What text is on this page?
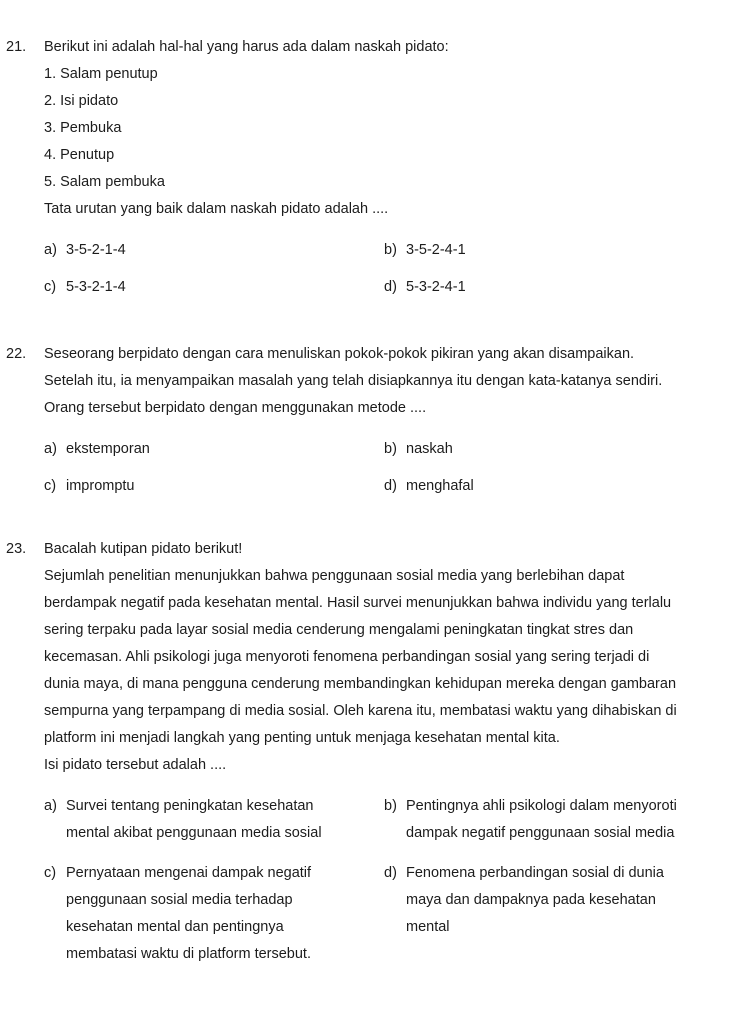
21. Berikut ini adalah hal-hal yang harus ada dalam naskah pidato:
1. Salam penutup
2. Isi pidato
3. Pembuka
4. Penutup
5. Salam pembuka
Tata urutan yang baik dalam naskah pidato adalah ....
a) 3-5-2-1-4	b) 3-5-2-4-1
c) 5-3-2-1-4	d) 5-3-2-4-1
22. Seseorang berpidato dengan cara menuliskan pokok-pokok pikiran yang akan disampaikan.
Setelah itu, ia menyampaikan masalah yang telah disiapkannya itu dengan kata-katanya sendiri.
Orang tersebut berpidato dengan menggunakan metode ....
a) ekstemporan	b) naskah
c) impromptu	d) menghafal
23. Bacalah kutipan pidato berikut!
Sejumlah penelitian menunjukkan bahwa penggunaan sosial media yang berlebihan dapat
berdampak negatif pada kesehatan mental. Hasil survei menunjukkan bahwa individu yang terlalu
sering terpaku pada layar sosial media cenderung mengalami peningkatan tingkat stres dan
kecemasan. Ahli psikologi juga menyoroti fenomena perbandingan sosial yang sering terjadi di
dunia maya, di mana pengguna cenderung membandingkan kehidupan mereka dengan gambaran
sempurna yang terpampang di media sosial. Oleh karena itu, membatasi waktu yang dihabiskan di
platform ini menjadi langkah yang penting untuk menjaga kesehatan mental kita.
Isi pidato tersebut adalah ....
a) Survei tentang peningkatan kesehatan
mental akibat penggunaan media sosial
b) Pentingnya ahli psikologi dalam menyoroti
dampak negatif penggunaan sosial media
c) Pernyataan mengenai dampak negatif
penggunaan sosial media terhadap
kesehatan mental dan pentingnya
membatasi waktu di platform tersebut.
d) Fenomena perbandingan sosial di dunia
maya dan dampaknya pada kesehatan
mental
